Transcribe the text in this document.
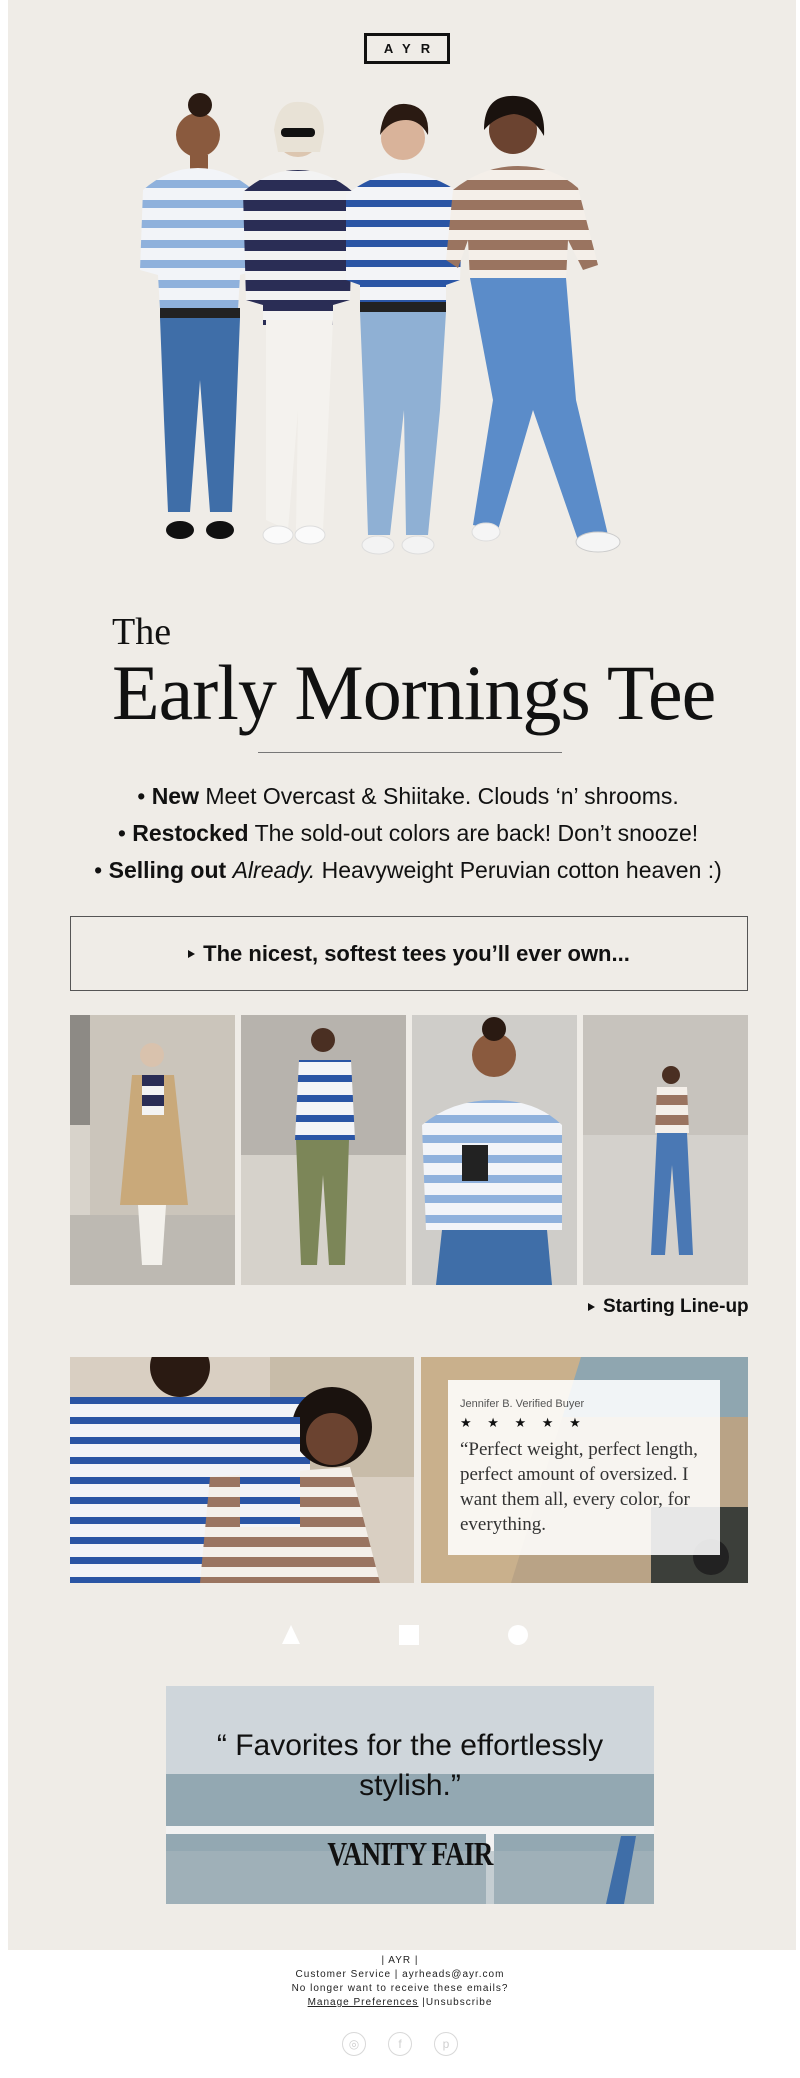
AYR
The
Early Mornings Tee
• New Meet Overcast & Shiitake. Clouds ‘n’ shrooms.
• Restocked The sold-out colors are back! Don’t snooze!
• Selling out Already. Heavyweight Peruvian cotton heaven :)
The nicest, softest tees you’ll ever own...
Starting Line-up
Jennifer B. Verified Buyer
★ ★ ★ ★ ★
“Perfect weight, perfect length, perfect amount of oversized. I want them all, every color, for everything.
“ Favorites for the effortlessly stylish.”
VANITY FAIR
| AYR |
Customer Service | ayrheads@ayr.com
No longer want to receive these emails?
Manage Preferences |Unsubscribe
◎	f	p
